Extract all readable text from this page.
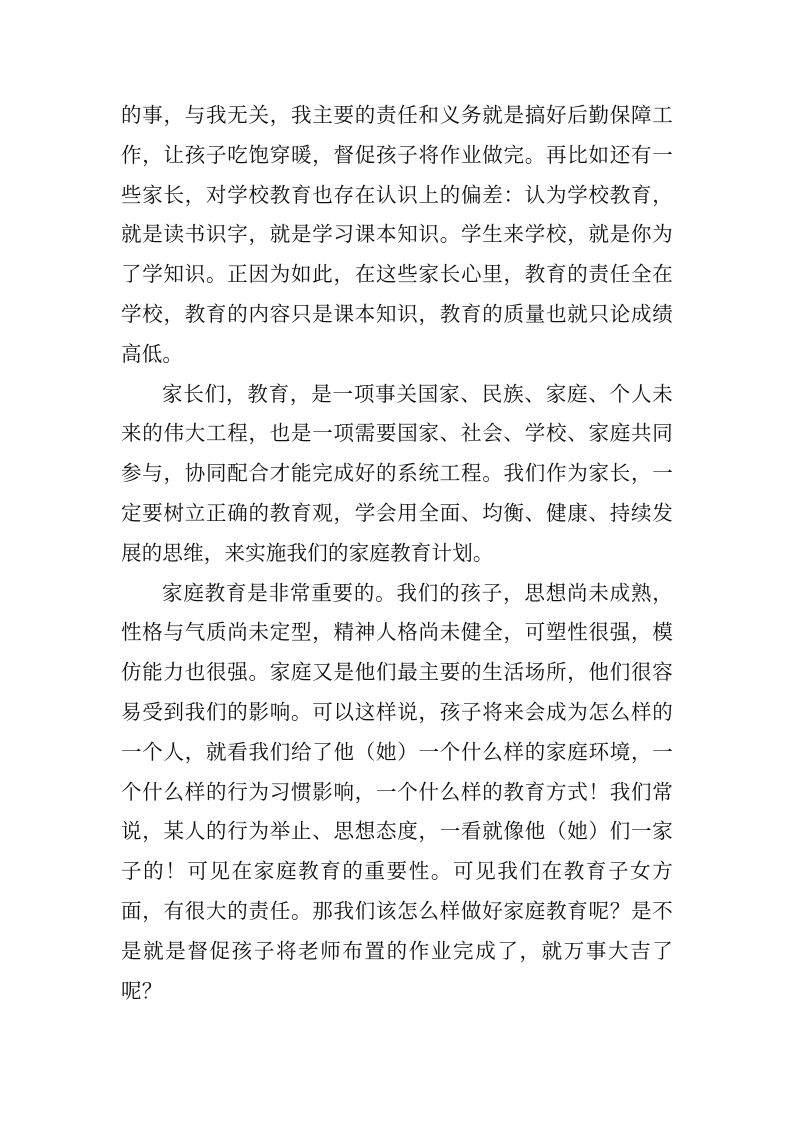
的事，与我无关，我主要的责任和义务就是搞好后勤保障工作，让孩子吃饱穿暖，督促孩子将作业做完。再比如还有一些家长，对学校教育也存在认识上的偏差：认为学校教育，就是读书识字，就是学习课本知识。学生来学校，就是你为了学知识。正因为如此，在这些家长心里，教育的责任全在学校，教育的内容只是课本知识，教育的质量也就只论成绩高低。

家长们，教育，是一项事关国家、民族、家庭、个人未来的伟大工程，也是一项需要国家、社会、学校、家庭共同参与，协同配合才能完成好的系统工程。我们作为家长，一定要树立正确的教育观，学会用全面、均衡、健康、持续发展的思维，来实施我们的家庭教育计划。

家庭教育是非常重要的。我们的孩子，思想尚未成熟，性格与气质尚未定型，精神人格尚未健全，可塑性很强，模仿能力也很强。家庭又是他们最主要的生活场所，他们很容易受到我们的影响。可以这样说，孩子将来会成为怎么样的一个人，就看我们给了他（她）一个什么样的家庭环境，一个什么样的行为习惯影响，一个什么样的教育方式！我们常说，某人的行为举止、思想态度，一看就像他（她）们一家子的！可见在家庭教育的重要性。可见我们在教育子女方面，有很大的责任。那我们该怎么样做好家庭教育呢？是不是就是督促孩子将老师布置的作业完成了，就万事大吉了呢？
